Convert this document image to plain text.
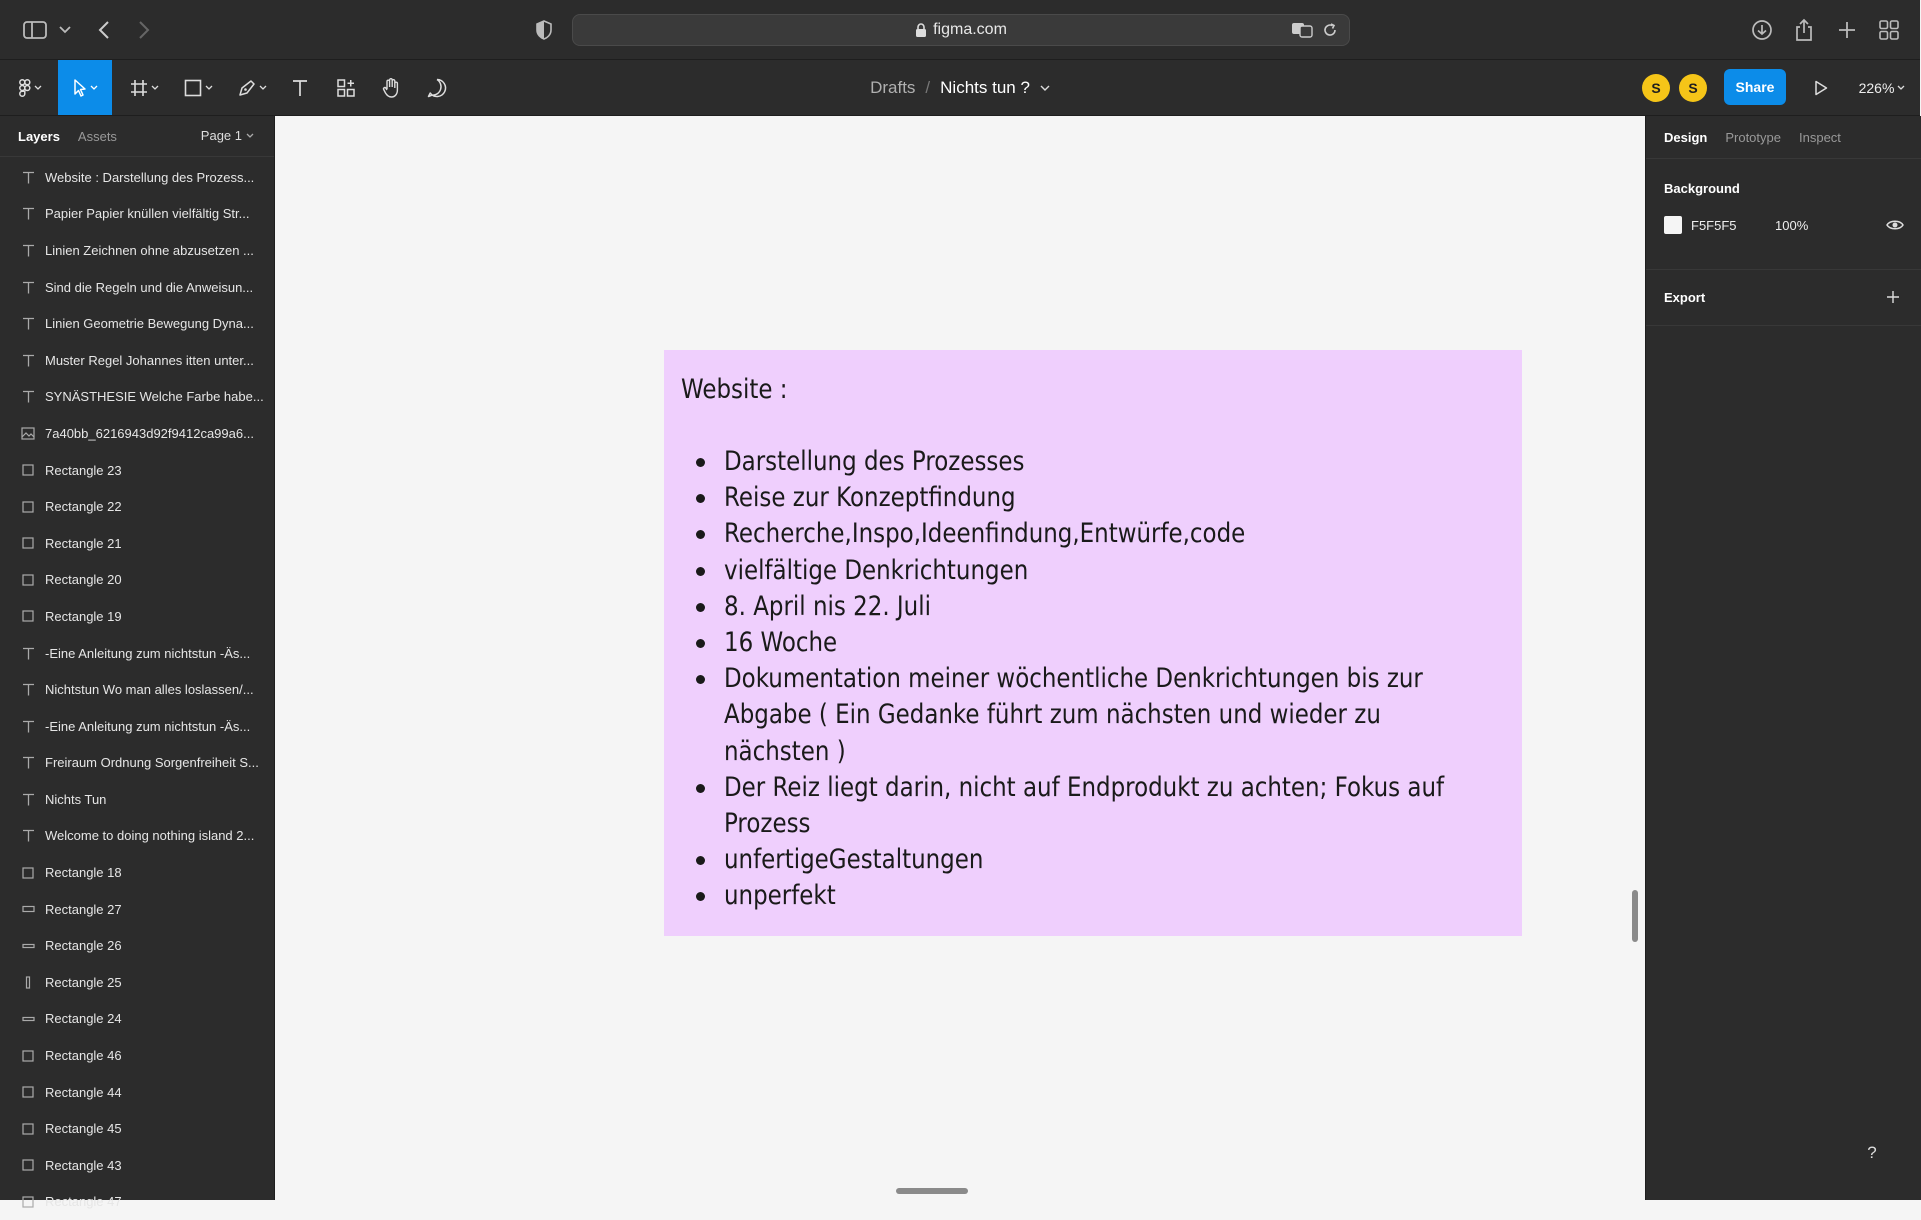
figma.com
Drafts / Nichts tun ?	S	S	Share	226%
Layers Assets	Page 1
Website : Darstellung des Prozess...
Papier Papier knüllen vielfältig Str...
Linien Zeichnen ohne abzusetzen ...
Sind die Regeln und die Anweisun...
Linien Geometrie Bewegung Dyna...
Muster Regel Johannes itten unter...
SYNÄSTHESIE Welche Farbe habe...
7a40bb_6216943d92f9412ca99a6...
Rectangle 23
Rectangle 22
Rectangle 21
Rectangle 20
Rectangle 19
-Eine Anleitung zum nichtstun -Äs...
Nichtstun Wo man alles loslassen/...
-Eine Anleitung zum nichtstun -Äs...
Freiraum Ordnung Sorgenfreiheit S...
Nichts Tun
Welcome to doing nothing island 2...
Rectangle 18
Rectangle 27
Rectangle 26
Rectangle 25
Rectangle 24
Rectangle 46
Rectangle 44
Rectangle 45
Rectangle 43
Rectangle 47
Website :
Darstellung des Prozesses
Reise zur Konzeptfindung
Recherche,Inspo,Ideenfindung,Entwürfe,code
vielfältige Denkrichtungen
8. April nis 22. Juli
16 Woche
Dokumentation meiner wöchentliche Denkrichtungen bis zur Abgabe ( Ein Gedanke führt zum nächsten und wieder zu nächsten )
Der Reiz liegt darin, nicht auf Endprodukt zu achten; Fokus auf Prozess
unfertigeGestaltungen
unperfekt
Design Prototype Inspect
Background
F5F5F5	100%
Export
?
